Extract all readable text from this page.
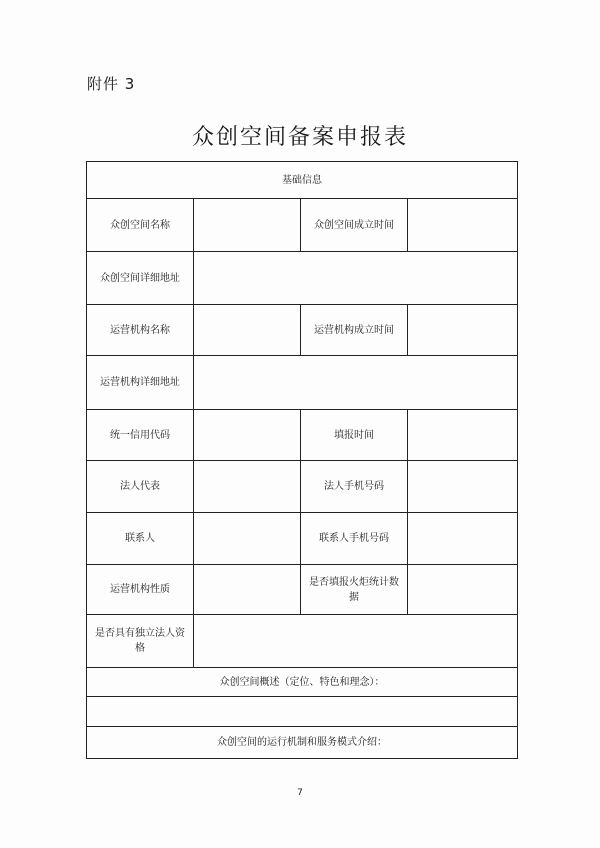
附件 3
众创空间备案申报表
基础信息			
众创空间名称		众创空间成立时间	
众创空间详细地址			
运营机构名称		运营机构成立时间	
运营机构详细地址			
统一信用代码		填报时间	
法人代表		法人手机号码	
联系人		联系人手机号码	
运营机构性质		是否填报火炬统计数据	
是否具有独立法人资格			
众创空间概述（定位、特色和理念）：			

众创空间的运行机制和服务模式介绍：			
7
